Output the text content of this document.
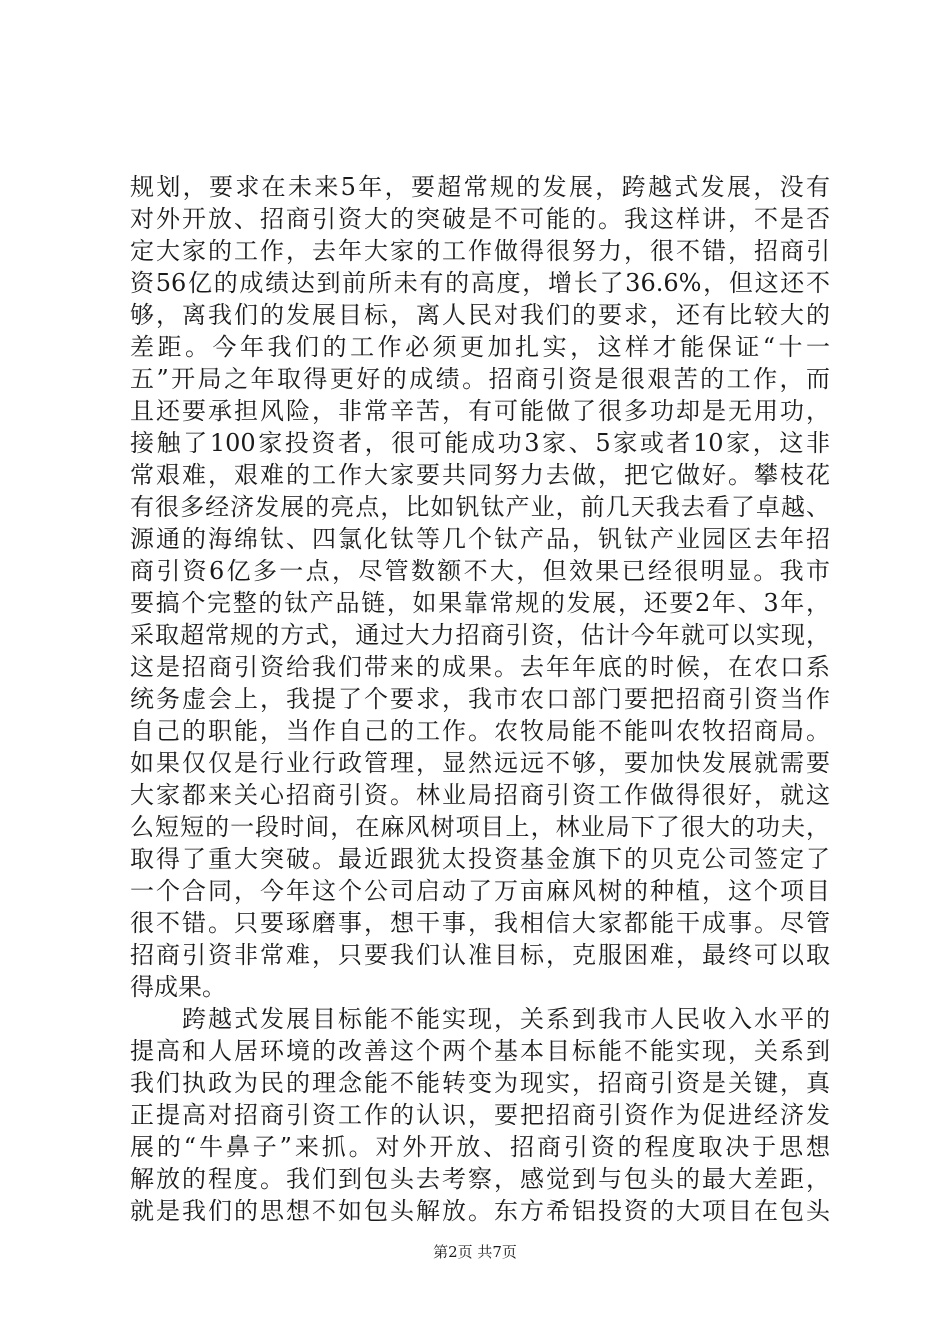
规划，要求在未来5年，要超常规的发展，跨越式发展，没有
对外开放、招商引资大的突破是不可能的。我这样讲，不是否
定大家的工作，去年大家的工作做得很努力，很不错，招商引
资56亿的成绩达到前所未有的高度，增长了36.6%，但这还不
够，离我们的发展目标，离人民对我们的要求，还有比较大的
差距。今年我们的工作必须更加扎实，这样才能保证“十一
五”开局之年取得更好的成绩。招商引资是很艰苦的工作，而
且还要承担风险，非常辛苦，有可能做了很多功却是无用功，
接触了100家投资者，很可能成功3家、5家或者10家，这非
常艰难，艰难的工作大家要共同努力去做，把它做好。攀枝花
有很多经济发展的亮点，比如钒钛产业，前几天我去看了卓越、
源通的海绵钛、四氯化钛等几个钛产品，钒钛产业园区去年招
商引资6亿多一点，尽管数额不大，但效果已经很明显。我市
要搞个完整的钛产品链，如果靠常规的发展，还要2年、3年，
采取超常规的方式，通过大力招商引资，估计今年就可以实现，
这是招商引资给我们带来的成果。去年年底的时候，在农口系
统务虚会上，我提了个要求，我市农口部门要把招商引资当作
自己的职能，当作自己的工作。农牧局能不能叫农牧招商局。
如果仅仅是行业行政管理，显然远远不够，要加快发展就需要
大家都来关心招商引资。林业局招商引资工作做得很好，就这
么短短的一段时间，在麻风树项目上，林业局下了很大的功夫，
取得了重大突破。最近跟犹太投资基金旗下的贝克公司签定了
一个合同，今年这个公司启动了万亩麻风树的种植，这个项目
很不错。只要琢磨事，想干事，我相信大家都能干成事。尽管
招商引资非常难，只要我们认准目标，克服困难，最终可以取
得成果。
　　跨越式发展目标能不能实现，关系到我市人民收入水平的
提高和人居环境的改善这个两个基本目标能不能实现，关系到
我们执政为民的理念能不能转变为现实，招商引资是关键，真
正提高对招商引资工作的认识，要把招商引资作为促进经济发
展的“牛鼻子”来抓。对外开放、招商引资的程度取决于思想
解放的程度。我们到包头去考察，感觉到与包头的最大差距，
就是我们的思想不如包头解放。东方希铝投资的大项目在包头
第2页 共7页
